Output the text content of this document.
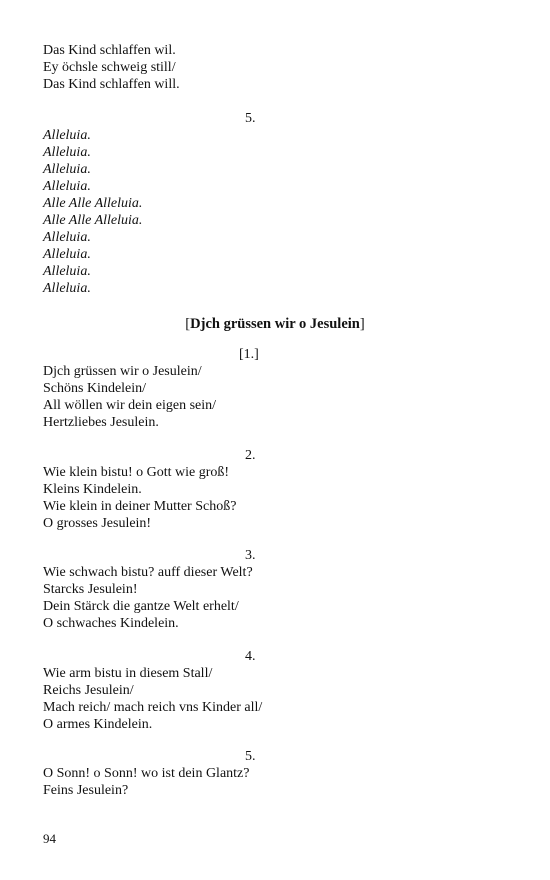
Das Kind schlaffen wil.
Ey öchsle schweig still/
Das Kind schlaffen will.
5.
Alleluia.
Alleluia.
Alleluia.
Alleluia.
Alle Alle Alleluia.
Alle Alle Alleluia.
Alleluia.
Alleluia.
Alleluia.
Alleluia.
[Djch grüssen wir o Jesulein]
[1.]
Djch grüssen wir o Jesulein/
Schöns Kindelein/
All wöllen wir dein eigen sein/
Hertzliebes Jesulein.
2.
Wie klein bistu! o Gott wie groß!
Kleins Kindelein.
Wie klein in deiner Mutter Schoß?
O grosses Jesulein!
3.
Wie schwach bistu? auff dieser Welt?
Starcks Jesulein!
Dein Stärck die gantze Welt erhelt/
O schwaches Kindelein.
4.
Wie arm bistu in diesem Stall/
Reichs Jesulein/
Mach reich/ mach reich vns Kinder all/
O armes Kindelein.
5.
O Sonn! o Sonn! wo ist dein Glantz?
Feins Jesulein?
94
